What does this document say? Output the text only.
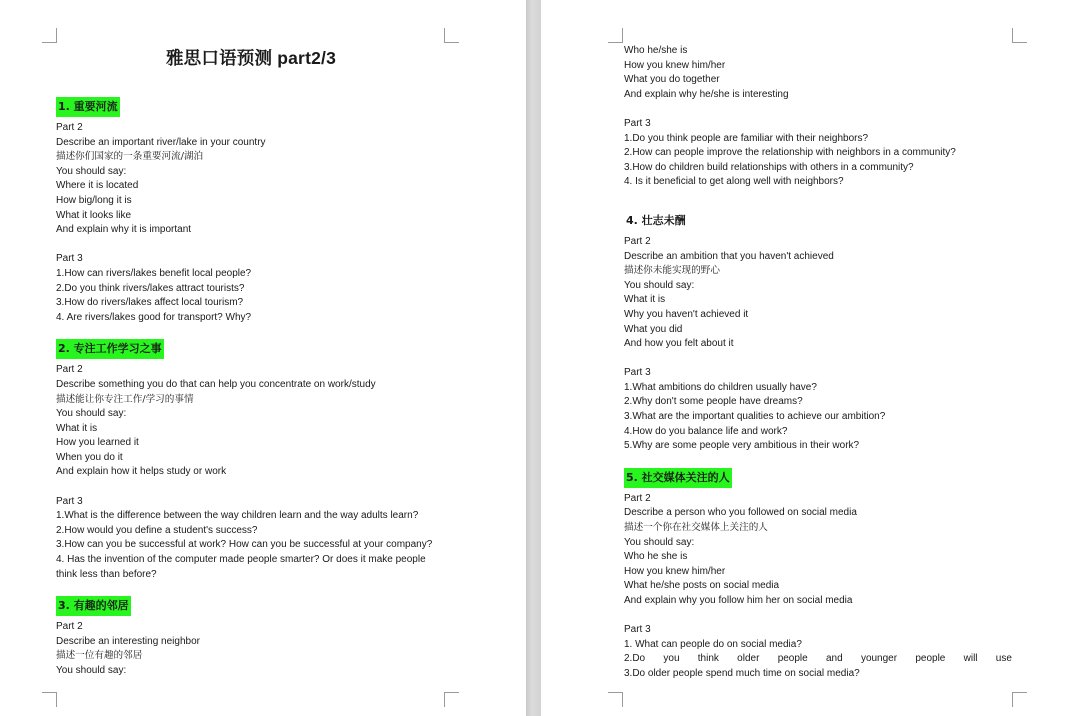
雅思口语预测 part2/3
1. 重要河流
Part 2
Describe an important river/lake in your country
描述你们国家的一条重要河流/湖泊
You should say:
Where it is located
How big/long it is
What it looks like
And explain why it is important
Part 3
1.How can rivers/lakes benefit local people?
2.Do you think rivers/lakes attract tourists?
3.How do rivers/lakes affect local tourism?
4. Are rivers/lakes good for transport? Why?
2. 专注工作学习之事
Part 2
Describe something you do that can help you concentrate on work/study
描述能让你专注工作/学习的事情
You should say:
What it is
How you learned it
When you do it
And explain how it helps study or work
Part 3
1.What is the difference between the way children learn and the way adults learn?
2.How would you define a student's success?
3.How can you be successful at work? How can you be successful at your company?
4. Has the invention of the computer made people smarter? Or does it make people think less than before?
3. 有趣的邻居
Part 2
Describe an interesting neighbor
描述一位有趣的邻居
You should say:
Who he/she is
How you knew him/her
What you do together
And explain why he/she is interesting
Part 3
1.Do you think people are familiar with their neighbors?
2.How can people improve the relationship with neighbors in a community?
3.How do children build relationships with others in a community?
4. Is it beneficial to get along well with neighbors?
4. 壮志未酬
Part 2
Describe an ambition that you haven't achieved
描述你未能实现的野心
You should say:
What it is
Why you haven't achieved it
What you did
And how you felt about it
Part 3
1.What ambitions do children usually have?
2.Why don't some people have dreams?
3.What are the important qualities to achieve our ambition?
4.How do you balance life and work?
5.Why are some people very ambitious in their work?
5. 社交媒体关注的人
Part 2
Describe a person who you followed on social media
描述一个你在社交媒体上关注的人
You should say:
Who he she is
How you knew him/her
What he/she posts on social media
And explain why you follow him her on social media
Part 3
1. What can people do on social media?
2.Do you think older people and younger people will use
3.Do older people spend much time on social media?
